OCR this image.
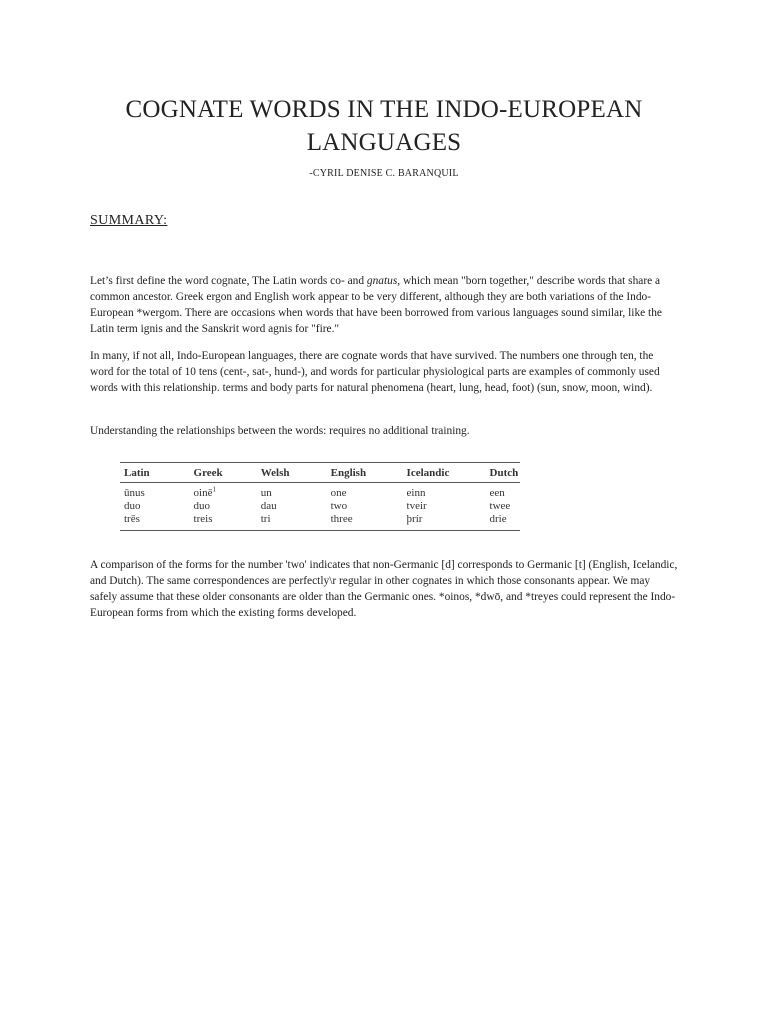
COGNATE WORDS IN THE INDO-EUROPEAN LANGUAGES
-CYRIL DENISE C. BARANQUIL
SUMMARY:

Let’s first define the word cognate, The Latin words co- and gnatus, which mean "born together," describe words that share a common ancestor. Greek ergon and English work appear to be very different, although they are both variations of the Indo-European *wergom. There are occasions when words that have been borrowed from various languages sound similar, like the Latin term ignis and the Sanskrit word agnis for "fire."

In many, if not all, Indo-European languages, there are cognate words that have survived. The numbers one through ten, the word for the total of 10 tens (cent-, sat-, hund-), and words for particular physiological parts are examples of commonly used words with this relationship. terms and body parts for natural phenomena (heart, lung, head, foot) (sun, snow, moon, wind).

Understanding the relationships between the words: requires no additional training.

Latin	Greek	Welsh	English	Icelandic	Dutch
ūnus	oinē$^1$	un	one	einn	een
duo	duo	dau	two	tveir	twee
trēs	treis	tri	three	þrír	drie

A comparison of the forms for the number 'two' indicates that non-Germanic [d] corresponds to Germanic [t] (English, Icelandic, and Dutch). The same correspondences are perfectly\r regular in other cognates in which those consonants appear. We may safely assume that these older consonants are older than the Germanic ones. *oinos, *dwō, and *treyes could represent the Indo-European forms from which the existing forms developed.
